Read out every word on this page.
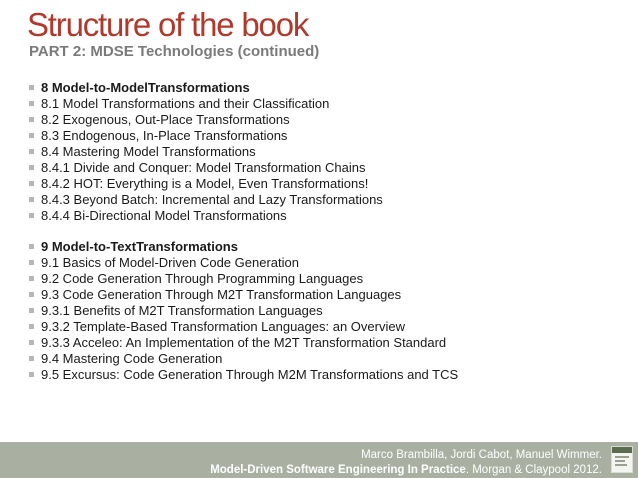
Structure of the book
PART 2: MDSE Technologies (continued)
8 Model-to-ModelTransformations
8.1 Model Transformations and their Classification
8.2 Exogenous, Out-Place Transformations
8.3 Endogenous, In-Place Transformations
8.4 Mastering Model Transformations
8.4.1 Divide and Conquer: Model Transformation Chains
8.4.2 HOT: Everything is a Model, Even Transformations!
8.4.3 Beyond Batch: Incremental and Lazy Transformations
8.4.4 Bi-Directional Model Transformations
9 Model-to-TextTransformations
9.1 Basics of Model-Driven Code Generation
9.2 Code Generation Through Programming Languages
9.3 Code Generation Through M2T Transformation Languages
9.3.1 Benefits of M2T Transformation Languages
9.3.2 Template-Based Transformation Languages: an Overview
9.3.3 Acceleo: An Implementation of the M2T Transformation Standard
9.4 Mastering Code Generation
9.5 Excursus: Code Generation Through M2M Transformations and TCS
Marco Brambilla, Jordi Cabot, Manuel Wimmer.
Model-Driven Software Engineering In Practice. Morgan & Claypool 2012.
